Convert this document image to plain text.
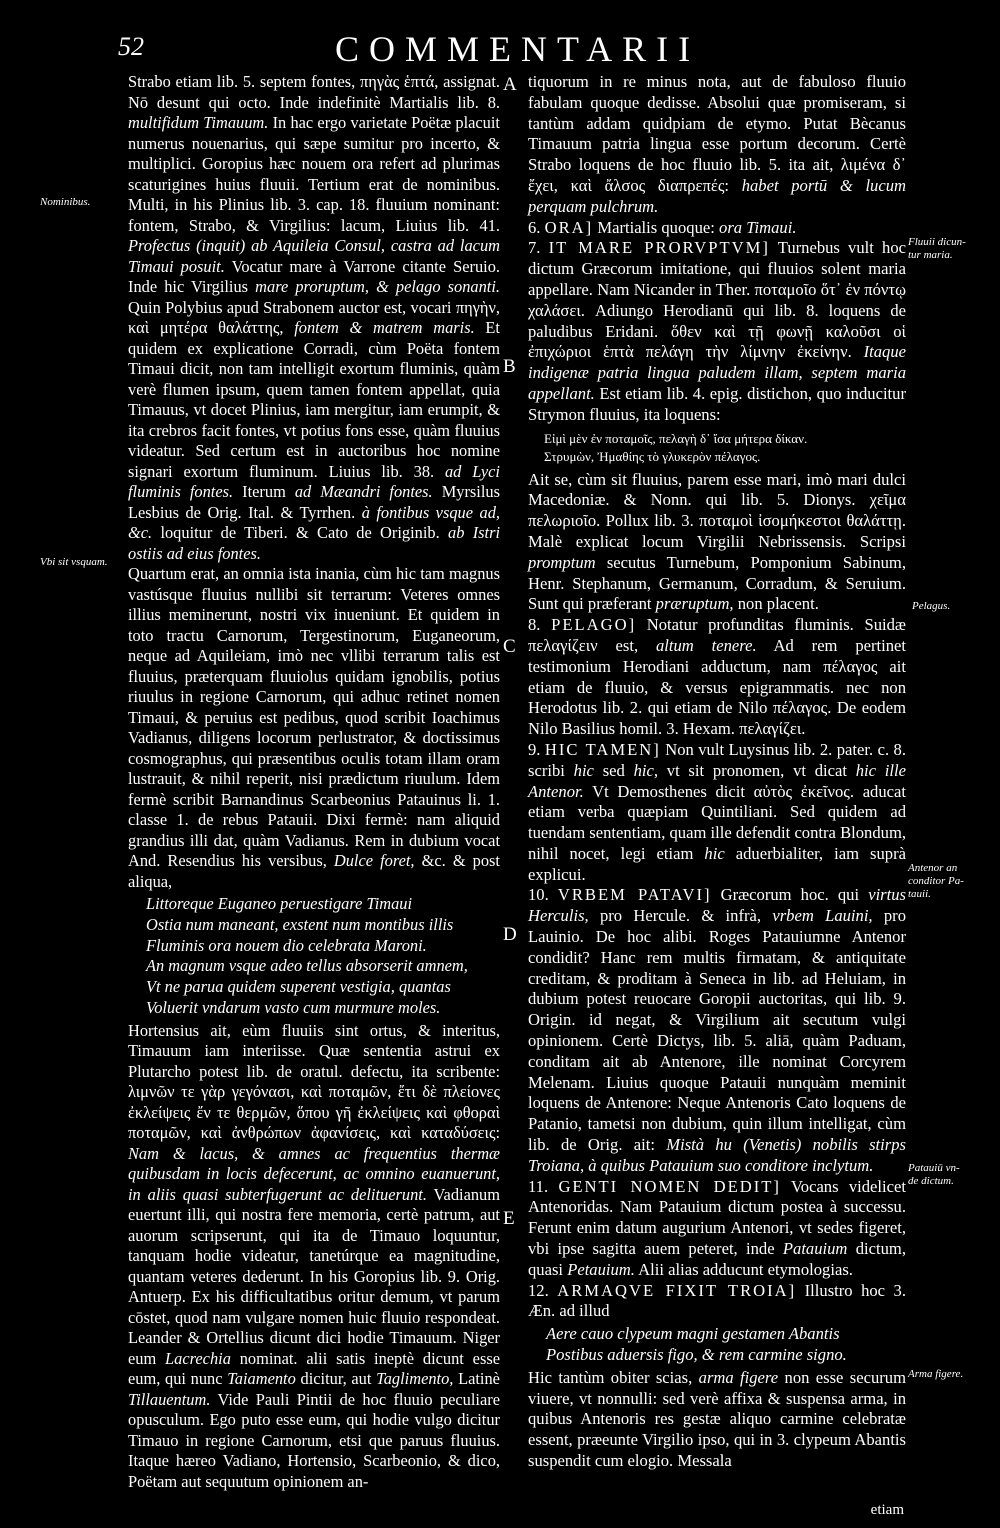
52	COMMENTARII
Nominibus.
Vbi sit vsquam.
Fluuii dicun- tur maria.
Pelagus.
Antenor an conditor Pa- tauii.
Patauiū vn- de dictum.
Arma figere.
A
B
C
D
E

Strabo etiam lib. 5. septem fontes, πηγὰς ἑπτά, assignat. Nō desunt qui octo. Inde indefinitè Martialis lib. 8. multifidum Timauum. In hac ergo varietate Poëtæ placuit numerus nouenarius, qui sæpe sumitur pro incerto, & multiplici. Goropius hæc nouem ora refert ad plurimas scaturigines huius fluuii. Tertium erat de nominibus. Multi, in his Plinius lib. 3. cap. 18. fluuium nominant: fontem, Strabo, & Virgilius: lacum, Liuius lib. 41. Profectus (inquit) ab Aquileia Consul, castra ad lacum Timaui posuit. Vocatur mare à Varrone citante Seruio. Inde hic Virgilius mare proruptum, & pelago sonanti. Quin Polybius apud Strabonem auctor est, vocari πηγὴν, καὶ μητέρα θαλάττης, fontem & matrem maris. Et quidem ex explicatione Corradi, cùm Poëta fontem Timaui dicit, non tam intelligit exortum fluminis, quàm verè flumen ipsum, quem tamen fontem appellat, quia Timauus, vt docet Plinius, iam mergitur, iam erumpit, & ita crebros facit fontes, vt potius fons esse, quàm fluuius videatur. Sed certum est in auctoribus hoc nomine signari exortum fluminum. Liuius lib. 38. ad Lyci fluminis fontes. Iterum ad Mæandri fontes. Myrsilus Lesbius de Orig. Ital. & Tyrrhen. à fontibus vsque ad, &c. loquitur de Tiberi. & Cato de Originib. ab Istri ostiis ad eius fontes.

Quartum erat, an omnia ista inania, cùm hic tam magnus vastúsque fluuius nullibi sit terrarum: Veteres omnes illius meminerunt, nostri vix inueniunt. Et quidem in toto tractu Carnorum, Tergestinorum, Euganeorum, neque ad Aquileiam, imò nec vllibi terrarum talis est fluuius, præterquam fluuiolus quidam ignobilis, potius riuulus in regione Carnorum, qui adhuc retinet nomen Timaui, & peruius est pedibus, quod scribit Ioachimus Vadianus, diligens locorum perlustrator, & doctissimus cosmographus, qui præsentibus oculis totam illam oram lustrauit, & nihil reperit, nisi prædictum riuulum. Idem fermè scribit Barnandinus Scarbeonius Patauinus li. 1. classe 1. de rebus Patauii. Dixi fermè: nam aliquid grandius illi dat, quàm Vadianus. Rem in dubium vocat And. Resendius his versibus, Dulce foret, &c. & post aliqua,

Littoreque Euganeo peruestigare Timaui
Ostia num maneant, exstent num montibus illis
Fluminis ora nouem dio celebrata Maroni.
An magnum vsque adeo tellus absorserit amnem,
Vt ne parua quidem superent vestigia, quantas
Voluerit vndarum vasto cum murmure moles.

Hortensius ait, eùm fluuiis sint ortus, & interitus, Timauum iam interiisse. Quæ sententia astrui ex Plutarcho potest lib. de oratul. defectu, ita scribente: λιμνῶν τε γὰρ γεγόνασι, καὶ ποταμῶν, ἔτι δὲ πλείονες ἐκλείψεις ἔν τε θερμῶν, ὅπου γῆ ἐκλείψεις καὶ φθοραὶ ποταμῶν, καὶ ἀνθρώπων ἀφανίσεις, καὶ καταδύσεις: Nam & lacus, & amnes ac frequentius thermæ quibusdam in locis defecerunt, ac omnino euanuerunt, in aliis quasi subterfugerunt ac delituerunt. Vadianum euertunt illi, qui nostra fere memoria, certè patrum, aut auorum scripserunt, qui ita de Timauo loquuntur, tanquam hodie videatur, tanetúrque ea magnitudine, quantam veteres dederunt. In his Goropius lib. 9. Orig. Antuerp. Ex his difficultatibus oritur demum, vt parum cōstet, quod nam vulgare nomen huic fluuio respondeat. Leander & Ortellius dicunt dici hodie Timauum. Niger eum Lacrechia nominat. alii satis ineptè dicunt esse eum, qui nunc Taiamento dicitur, aut Taglimento, Latinè Tillauentum. Vide Pauli Pintii de hoc fluuio peculiare opusculum. Ego puto esse eum, qui hodie vulgo dicitur Timauo in regione Carnorum, etsi que paruus fluuius. Itaque hæreo Vadiano, Hortensio, Scarbeonio, & dico, Poëtam aut sequutum opinionem an-

tiquorum in re minus nota, aut de fabuloso fluuio fabulam quoque dedisse. Absolui quæ promiseram, si tantùm addam quidpiam de etymo. Putat Bècanus Timauum patria lingua esse portum decorum. Certè Strabo loquens de hoc fluuio lib. 5. ita ait, λιμένα δ᾽ ἔχει, καὶ ἄλσος διαπρεπές: habet portū & lucum perquam pulchrum.

6. ORA] Martialis quoque: ora Timaui.

7. IT MARE PRORVPTVM] Turnebus vult hoc dictum Græcorum imitatione, qui fluuios solent maria appellare. Nam Nicander in Ther. ποταμοῖο ὅτ᾽ ἐν πόντῳ χαλάσει. Adiungo Herodianū qui lib. 8. loquens de paludibus Eridani. ὅθεν καὶ τῇ φωνῇ καλοῦσι οἱ ἐπιχώριοι ἑπτὰ πελάγη τὴν λίμνην ἐκείνην. Itaque indigenæ patria lingua paludem illam, septem maria appellant. Est etiam lib. 4. epig. distichon, quo inducitur Strymon fluuius, ita loquens:

Εἰμὶ μὲν ἐν ποταμοῖς, πελαγὴ δ᾽ ἴσα μήτερα δίκαν.
Στρυμὼν, Ἠμαθίης τὸ γλυκερὸν πέλαγος.

Ait se, cùm sit fluuius, parem esse mari, imò mari dulci Macedoniæ. & Nonn. qui lib. 5. Dionys. χεῖμα πελωριοῖο. Pollux lib. 3. ποταμοὶ ἰσομήκεστοι θαλάττῃ. Malè explicat locum Virgilii Nebrissensis. Scripsi promptum secutus Turnebum, Pomponium Sabinum, Henr. Stephanum, Germanum, Corradum, & Seruium. Sunt qui præferant præruptum, non placent.

8. PELAGO] Notatur profunditas fluminis. Suidæ πελαγίζειν est, altum tenere. Ad rem pertinet testimonium Herodiani adductum, nam πέλαγος ait etiam de fluuio, & versus epigrammatis. nec non Herodotus lib. 2. qui etiam de Nilo πέλαγος. De eodem Nilo Basilius homil. 3. Hexam. πελαγίζει.

9. HIC TAMEN] Non vult Luysinus lib. 2. pater. c. 8. scribi hic sed hic, vt sit pronomen, vt dicat hic ille Antenor. Vt Demosthenes dicit αὐτὸς ἐκεῖνος. aducat etiam verba quæpiam Quintiliani. Sed quidem ad tuendam sententiam, quam ille defendit contra Blondum, nihil nocet, legi etiam hic aduerbialiter, iam suprà explicui.

10. VRBEM PATAVI] Græcorum hoc. qui virtus Herculis, pro Hercule. & infrà, vrbem Lauini, pro Lauinio. De hoc alibi. Roges Patauiumne Antenor condidit? Hanc rem multis firmatam, & antiquitate creditam, & proditam à Seneca in lib. ad Heluiam, in dubium potest reuocare Goropii auctoritas, qui lib. 9. Origin. id negat, & Virgilium ait secutum vulgi opinionem. Certè Dictys, lib. 5. aliā, quàm Paduam, conditam ait ab Antenore, ille nominat Corcyrem Melenam. Liuius quoque Patauii nunquàm meminit loquens de Antenore: Neque Antenoris Cato loquens de Patanio, tametsi non dubium, quin illum intelligat, cùm lib. de Orig. ait: Mistà hu (Venetis) nobilis stirps Troiana, à quibus Patauium suo conditore inclytum.

11. GENTI NOMEN DEDIT] Vocans videlicet Antenoridas. Nam Patauium dictum postea à successu. Ferunt enim datum augurium Antenori, vt sedes figeret, vbi ipse sagitta auem peteret, inde Patauium dictum, quasi Petauium. Alii alias adducunt etymologias.

12. ARMAQVE FIXIT TROIA] Illustro hoc 3. Æn. ad illud

Aere cauo clypeum magni gestamen Abantis
Postibus aduersis figo, & rem carmine signo.

Hic tantùm obiter scias, arma figere non esse securum viuere, vt nonnulli: sed verè affixa & suspensa arma, in quibus Antenoris res gestæ aliquo carmine celebratæ essent, præeunte Virgilio ipso, qui in 3. clypeum Abantis suspendit cum elogio. Messala

etiam
